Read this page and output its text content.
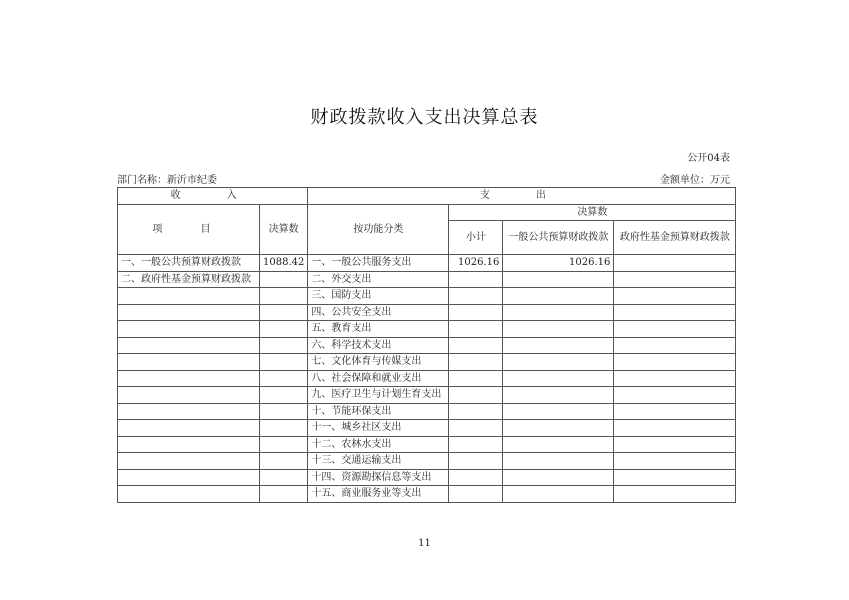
财政拨款收入支出决算总表
公开04表
部门名称：新沂市纪委	金额单位：万元
收　入		支　出			
项　目	决算数	按功能分类	决算数		
			小计	一般公共预算财政拨款	政府性基金预算财政拨款
一、一般公共预算财政拨款	1088.42	一、一般公共服务支出	1026.16	1026.16	
二、政府性基金预算财政拨款		二、外交支出			
		三、国防支出			
		四、公共安全支出			
		五、教育支出			
		六、科学技术支出			
		七、文化体育与传媒支出			
		八、社会保障和就业支出			
		九、医疗卫生与计划生育支出			
		十、节能环保支出			
		十一、城乡社区支出			
		十二、农林水支出			
		十三、交通运输支出			
		十四、资源勘探信息等支出			
		十五、商业服务业等支出			
11
